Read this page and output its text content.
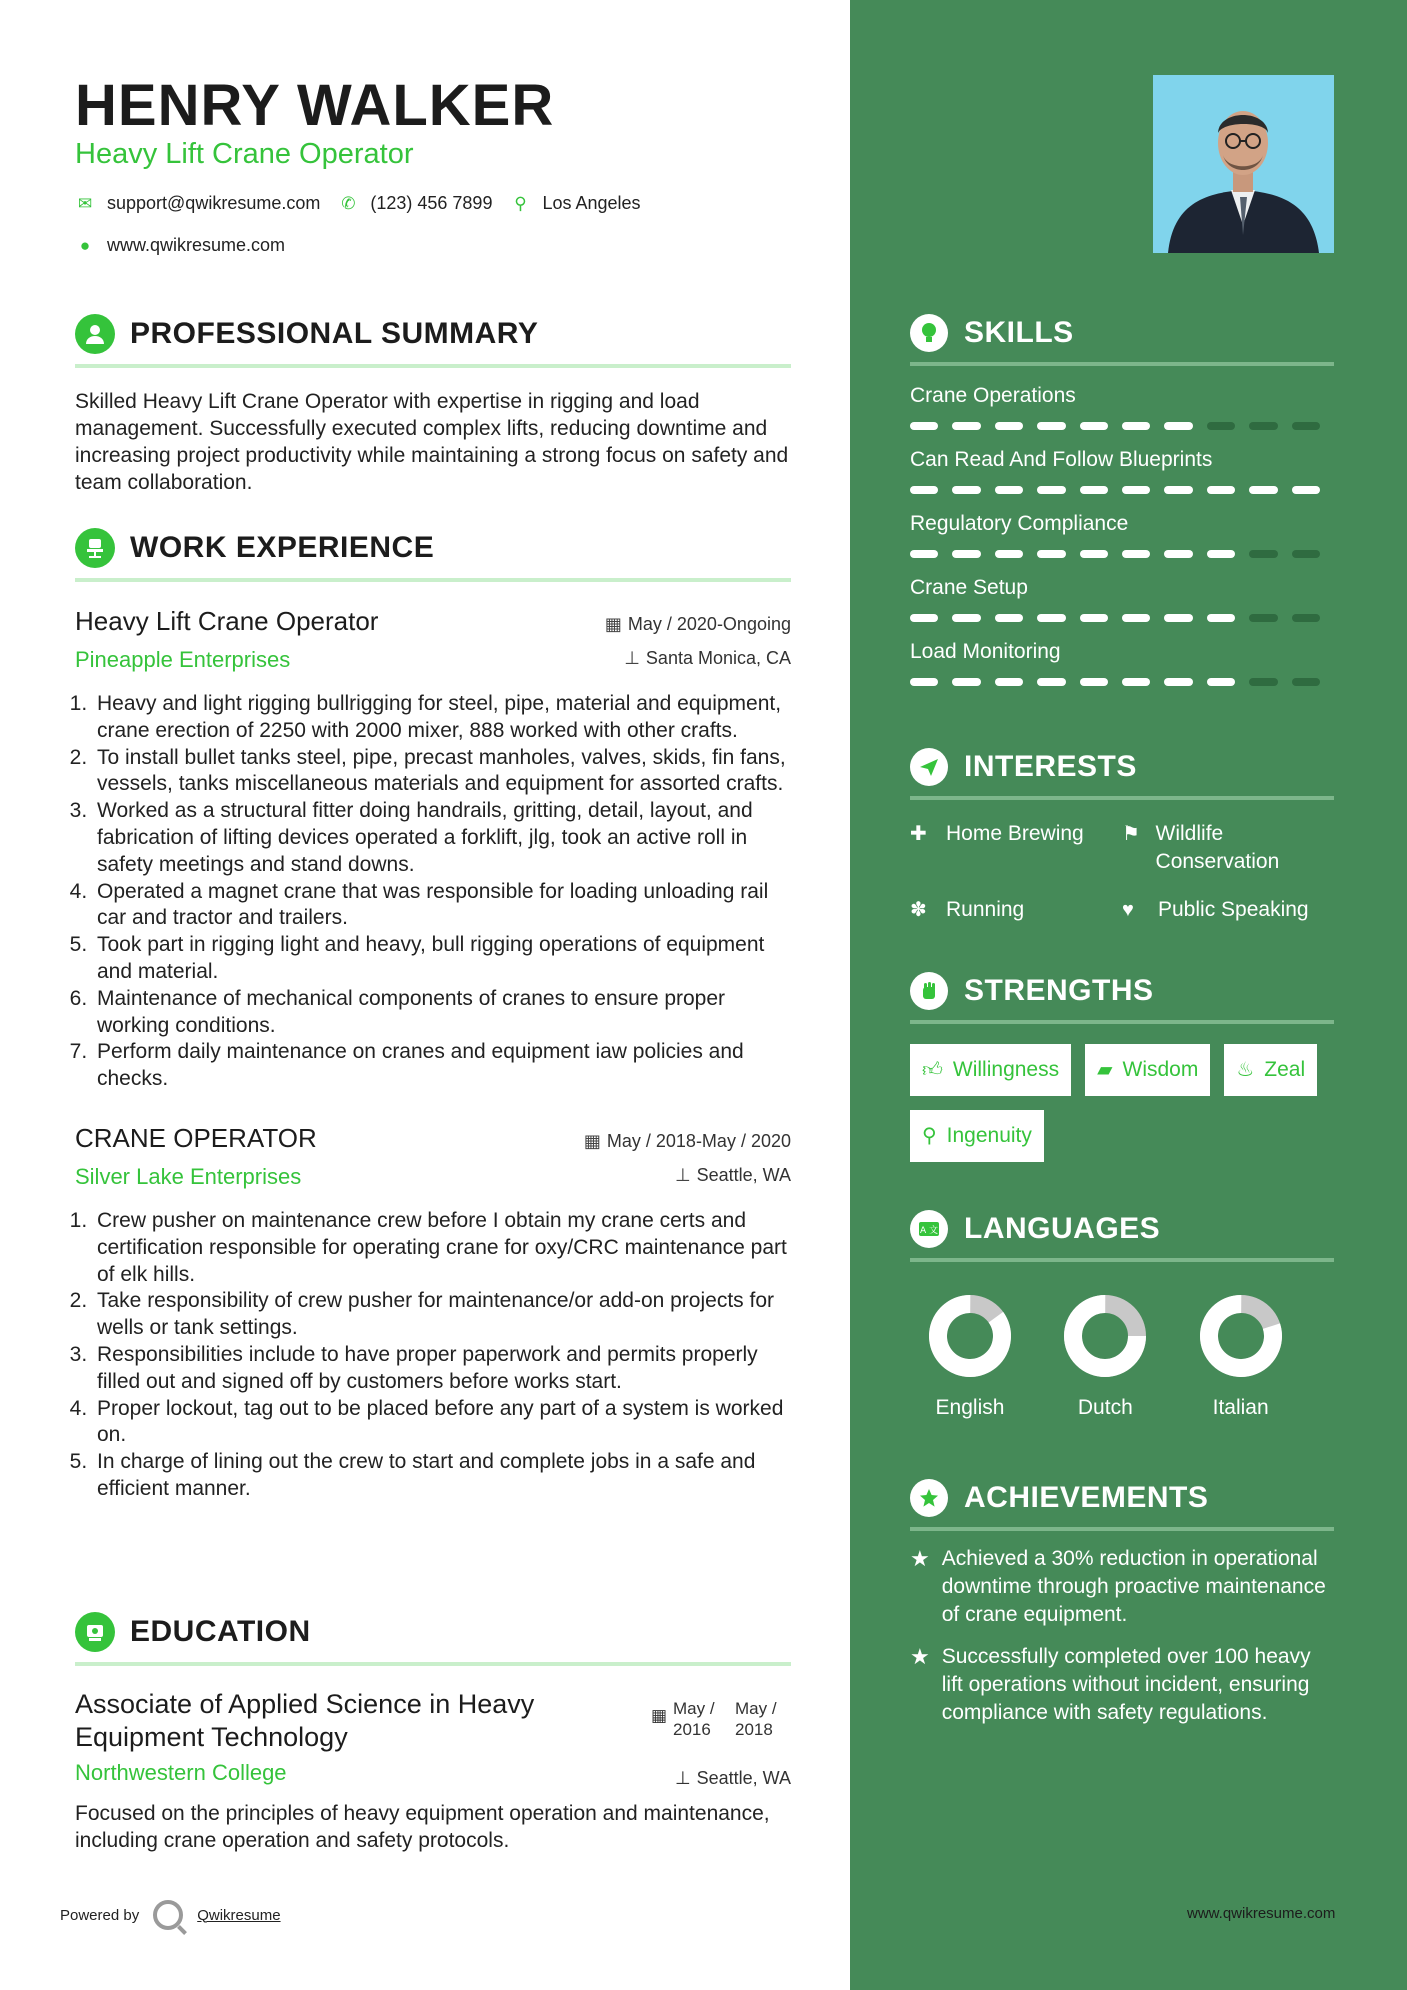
HENRY WALKER
Heavy Lift Crane Operator
✉ support@qwikresume.com ✆ (123) 456 7899 ⚲ Los Angeles
● www.qwikresume.com
PROFESSIONAL SUMMARY
Skilled Heavy Lift Crane Operator with expertise in rigging and load management. Successfully executed complex lifts, reducing downtime and increasing project productivity while maintaining a strong focus on safety and team collaboration.
WORK EXPERIENCE
Heavy Lift Crane Operator
Pineapple Enterprises
▦ May / 2020-Ongoing
⊥ Santa Monica, CA
1. Heavy and light rigging bullrigging for steel, pipe, material and equipment, crane erection of 2250 with 2000 mixer, 888 worked with other crafts.
2. To install bullet tanks steel, pipe, precast manholes, valves, skids, fin fans, vessels, tanks miscellaneous materials and equipment for assorted crafts.
3. Worked as a structural fitter doing handrails, gritting, detail, layout, and fabrication of lifting devices operated a forklift, jlg, took an active roll in safety meetings and stand downs.
4. Operated a magnet crane that was responsible for loading unloading rail car and tractor and trailers.
5. Took part in rigging light and heavy, bull rigging operations of equipment and material.
6. Maintenance of mechanical components of cranes to ensure proper working conditions.
7. Perform daily maintenance on cranes and equipment iaw policies and checks.
CRANE OPERATOR
Silver Lake Enterprises
▦ May / 2018-May / 2020
⊥ Seattle, WA
1. Crew pusher on maintenance crew before I obtain my crane certs and certification responsible for operating crane for oxy/CRC maintenance part of elk hills.
2. Take responsibility of crew pusher for maintenance/or add-on projects for wells or tank settings.
3. Responsibilities include to have proper paperwork and permits properly filled out and signed off by customers before works start.
4. Proper lockout, tag out to be placed before any part of a system is worked on.
5. In charge of lining out the crew to start and complete jobs in a safe and efficient manner.
EDUCATION
Associate of Applied Science in Heavy Equipment Technology
▦ May /
2016
May /
2018
Northwestern College	⊥ Seattle, WA
Focused on the principles of heavy equipment operation and maintenance, including crane operation and safety protocols.
Powered by	Qwikresume
SKILLS
Crane Operations
Can Read And Follow Blueprints
Regulatory Compliance
Crane Setup
Load Monitoring
INTERESTS
✚ Home Brewing ⚑ Wildlife Conservation
✽ Running	♥	Public Speaking
STRENGTHS
👍︎ Willingness ▰ Wisdom ♨ Zeal
⚲ Ingenuity
A 文 LANGUAGES
English	Dutch	Italian
ACHIEVEMENTS
★ Achieved a 30% reduction in operational downtime through proactive maintenance of crane equipment.
★ Successfully completed over 100 heavy lift operations without incident, ensuring compliance with safety regulations.
www.qwikresume.com
